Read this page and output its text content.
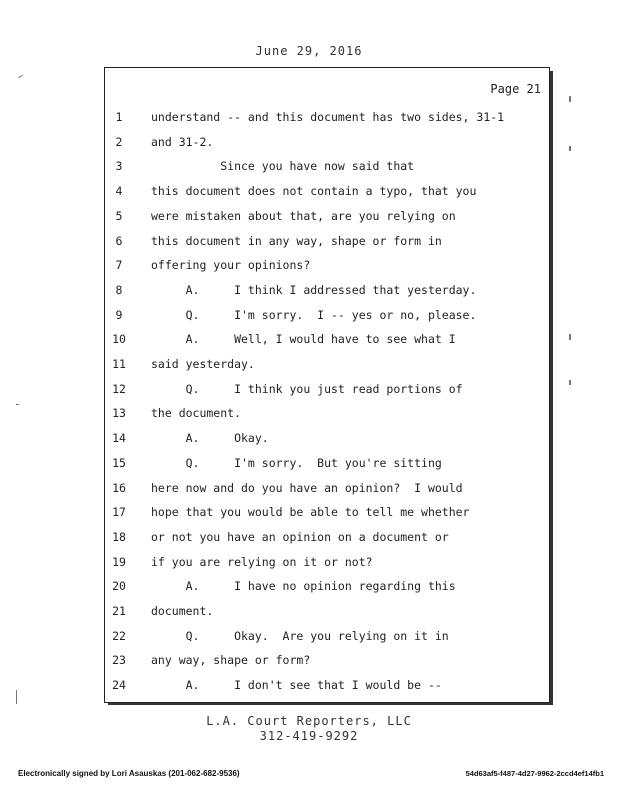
June 29, 2016
Page 21
1	understand -- and this document has two sides, 31-1
2	and 31-2.
3	Since you have now said that
4	this document does not contain a typo, that you
5	were mistaken about that, are you relying on
6	this document in any way, shape or form in
7	offering your opinions?
8	A.     I think I addressed that yesterday.
9	Q.     I'm sorry.  I -- yes or no, please.
10	A.     Well, I would have to see what I
11	said yesterday.
12	Q.     I think you just read portions of
13	the document.
14	A.     Okay.
15	Q.     I'm sorry.  But you're sitting
16	here now and do you have an opinion?  I would
17	hope that you would be able to tell me whether
18	or not you have an opinion on a document or
19	if you are relying on it or not?
20	A.     I have no opinion regarding this
21	document.
22	Q.     Okay.  Are you relying on it in
23	any way, shape or form?
24	A.     I don't see that I would be --
L.A. Court Reporters, LLC
312-419-9292
Electronically signed by Lori Asauskas (201-062-682-9536)	54d63af5-f487-4d27-9962-2ccd4ef14fb1
